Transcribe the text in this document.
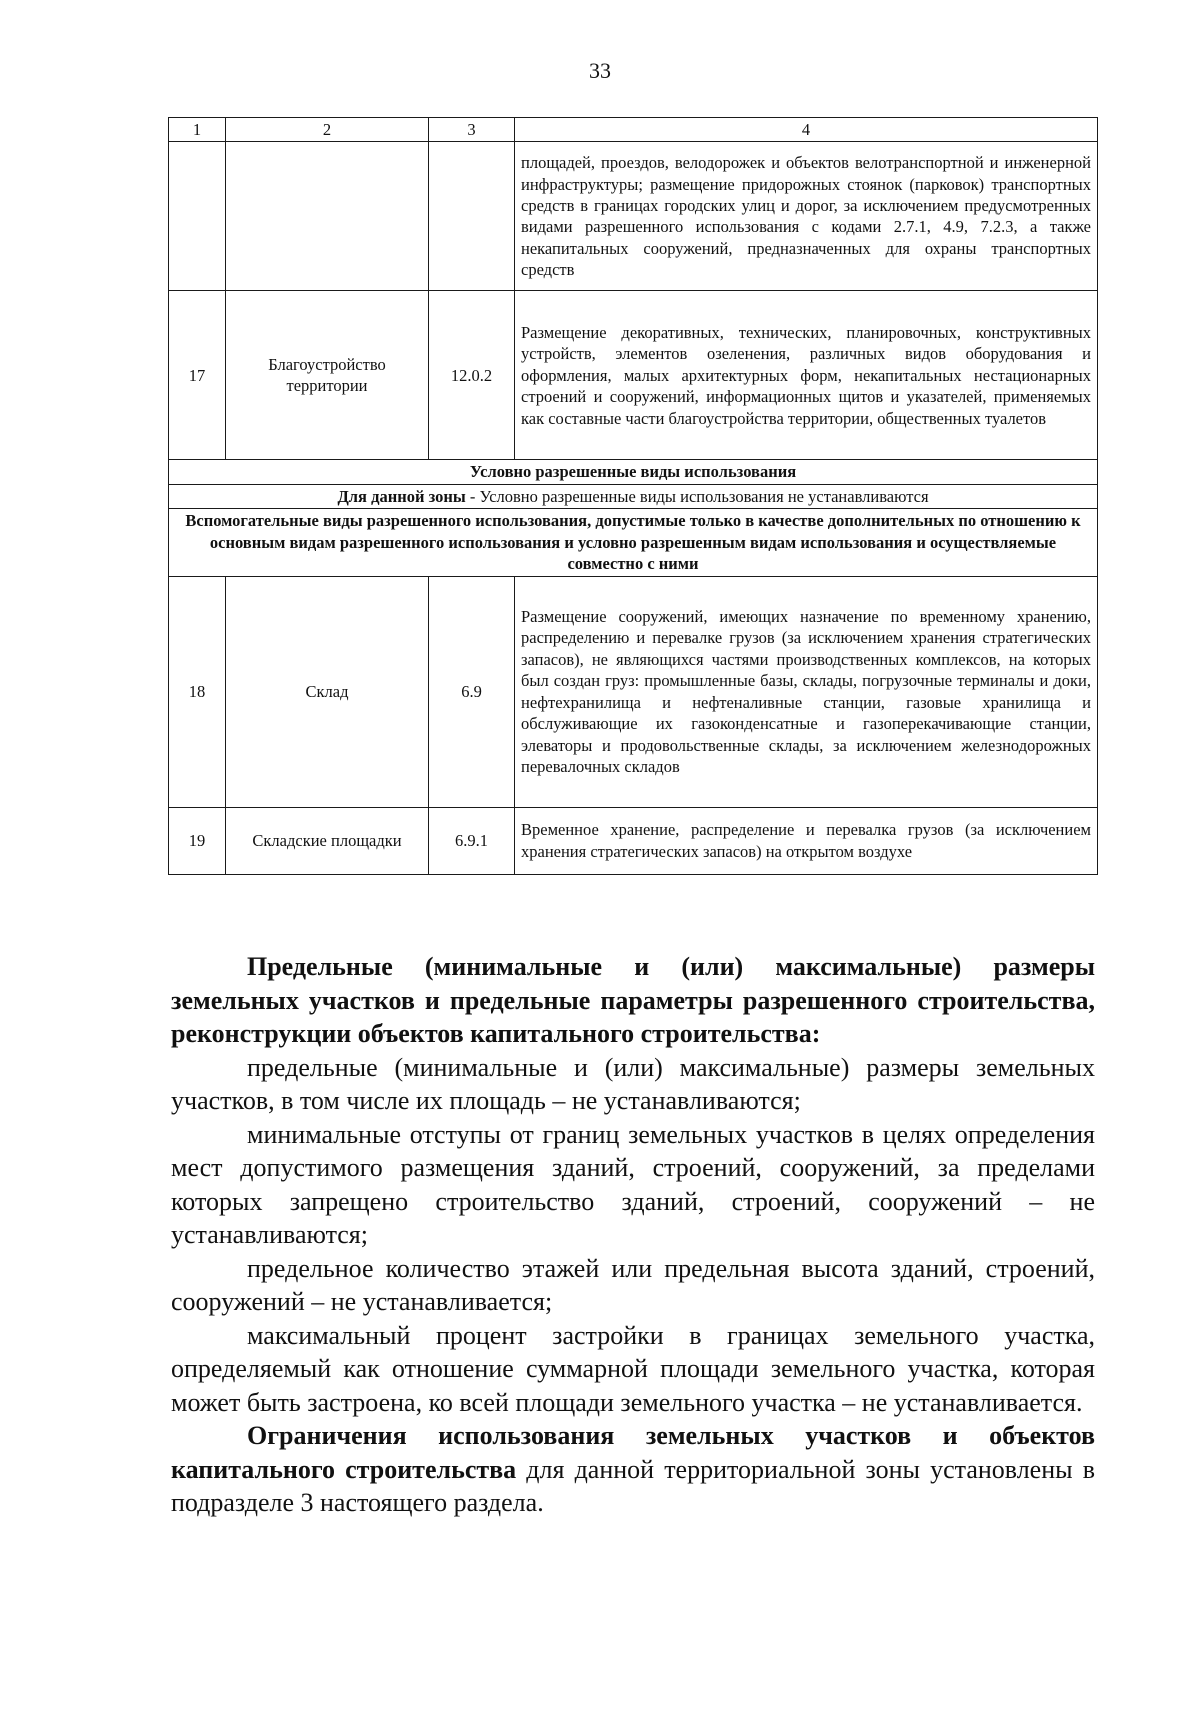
33
1	2	3	4
			площадей, проездов, велодорожек и объектов велотранспортной и инженерной инфраструктуры; размещение придорожных стоянок (парковок) транспортных средств в границах городских улиц и дорог, за исключением предусмотренных видами разрешенного использования с кодами 2.7.1, 4.9, 7.2.3, а также некапитальных сооружений, предназначенных для охраны транспортных средств
17	Благоустройство территории	12.0.2	Размещение декоративных, технических, планировочных, конструктивных устройств, элементов озеленения, различных видов оборудования и оформления, малых архитектурных форм, некапитальных нестационарных строений и сооружений, информационных щитов и указателей, применяемых как составные части благоустройства территории, общественных туалетов
Условно разрешенные виды использования			
Для данной зоны - Условно разрешенные виды использования не устанавливаются			
Вспомогательные виды разрешенного использования, допустимые только в качестве дополнительных по отношению к основным видам разрешенного использования и условно разрешенным видам использования и осуществляемые совместно с ними			
18	Склад	6.9	Размещение сооружений, имеющих назначение по временному хранению, распределению и перевалке грузов (за исключением хранения стратегических запасов), не являющихся частями производственных комплексов, на которых был создан груз: промышленные базы, склады, погрузочные терминалы и доки, нефтехранилища и нефтеналивные станции, газовые хранилища и обслуживающие их газоконденсатные и газоперекачивающие станции, элеваторы и продовольственные склады, за исключением железнодорожных перевалочных складов
19	Складские площадки	6.9.1	Временное хранение, распределение и перевалка грузов (за исключением хранения стратегических запасов) на открытом воздухе

Предельные (минимальные и (или) максимальные) размеры земельных участков и предельные параметры разрешенного строительства, реконструкции объектов капитального строительства:

предельные (минимальные и (или) максимальные) размеры земельных участков, в том числе их площадь – не устанавливаются;

минимальные отступы от границ земельных участков в целях определения мест допустимого размещения зданий, строений, сооружений, за пределами которых запрещено строительство зданий, строений, сооружений – не устанавливаются;

предельное количество этажей или предельная высота зданий, строений, сооружений – не устанавливается;

максимальный процент застройки в границах земельного участка, определяемый как отношение суммарной площади земельного участка, которая может быть застроена, ко всей площади земельного участка – не устанавливается.

Ограничения использования земельных участков и объектов капитального строительства для данной территориальной зоны установлены в подразделе 3 настоящего раздела.
